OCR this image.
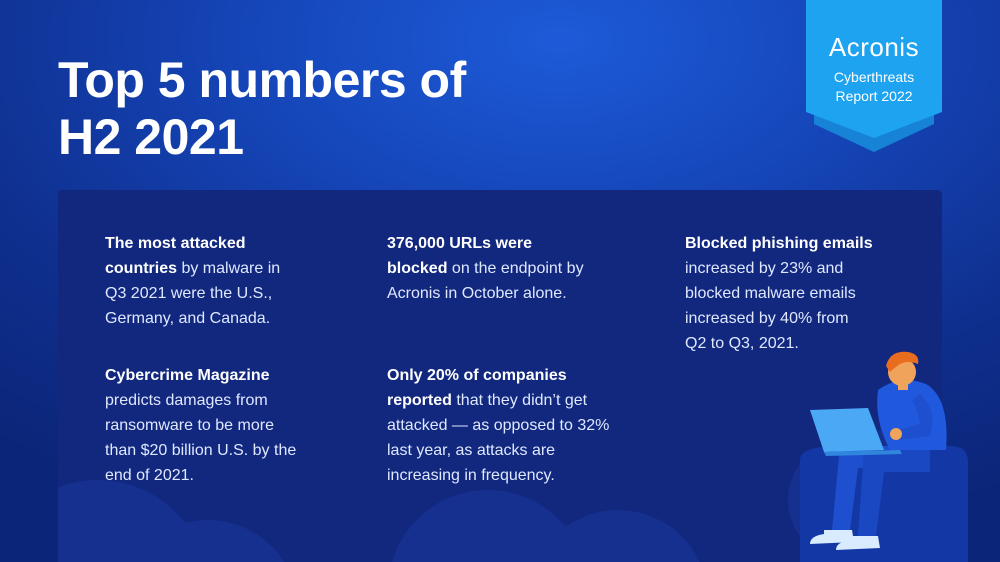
Top 5 numbers of
H2 2021
Acronis
Cyberthreats
Report 2022
The most attacked
countries by malware in
Q3 2021 were the U.S.,
Germany, and Canada.
376,000 URLs were
blocked on the endpoint by
Acronis in October alone.
Blocked phishing emails
increased by 23% and
blocked malware emails
increased by 40% from
Q2 to Q3, 2021.
Cybercrime Magazine
predicts damages from
ransomware to be more
than $20 billion U.S. by the
end of 2021.
Only 20% of companies
reported that they didn’t get
attacked — as opposed to 32%
last year, as attacks are
increasing in frequency.
